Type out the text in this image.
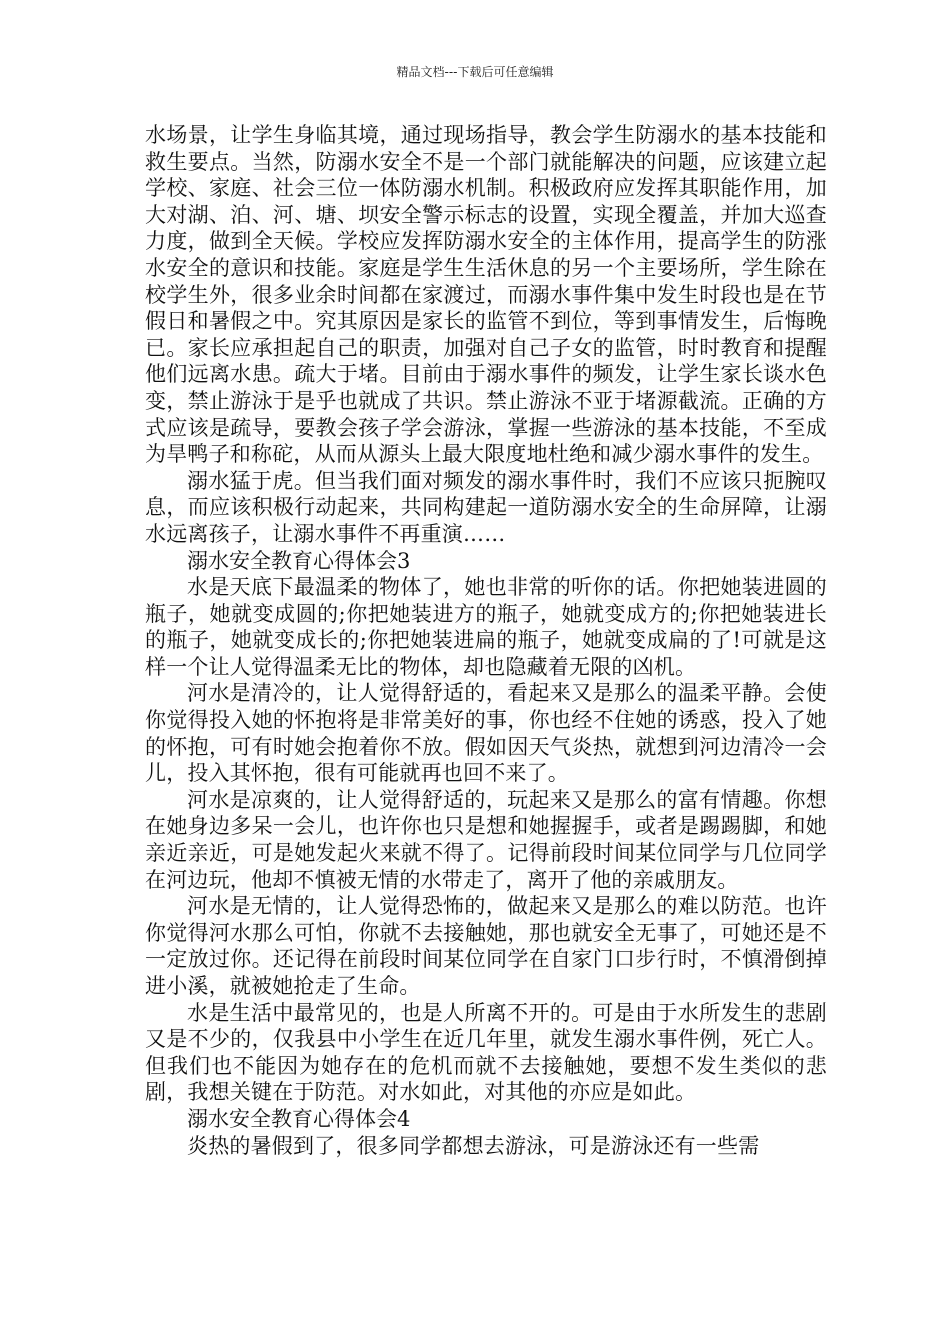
精品文档---下载后可任意编辑

水场景，让学生身临其境，通过现场指导，教会学生防溺水的基本技能和救生要点。当然，防溺水安全不是一个部门就能解决的问题，应该建立起学校、家庭、社会三位一体防溺水机制。积极政府应发挥其职能作用，加大对湖、泊、河、塘、坝安全警示标志的设置，实现全覆盖，并加大巡查力度，做到全天候。学校应发挥防溺水安全的主体作用，提高学生的防涨水安全的意识和技能。家庭是学生生活休息的另一个主要场所，学生除在校学生外，很多业余时间都在家渡过，而溺水事件集中发生时段也是在节假日和暑假之中。究其原因是家长的监管不到位，等到事情发生，后悔晚已。家长应承担起自己的职责，加强对自己子女的监管，时时教育和提醒他们远离水患。疏大于堵。目前由于溺水事件的频发，让学生家长谈水色变，禁止游泳于是乎也就成了共识。禁止游泳不亚于堵源截流。正确的方式应该是疏导，要教会孩子学会游泳，掌握一些游泳的基本技能，不至成为旱鸭子和称砣，从而从源头上最大限度地杜绝和减少溺水事件的发生。

溺水猛于虎。但当我们面对频发的溺水事件时，我们不应该只扼腕叹息，而应该积极行动起来，共同构建起一道防溺水安全的生命屏障，让溺水远离孩子，让溺水事件不再重演……

溺水安全教育心得体会3

水是天底下最温柔的物体了，她也非常的听你的话。你把她装进圆的瓶子，她就变成圆的;你把她装进方的瓶子，她就变成方的;你把她装进长的瓶子，她就变成长的;你把她装进扁的瓶子，她就变成扁的了!可就是这样一个让人觉得温柔无比的物体，却也隐藏着无限的凶机。

河水是清冷的，让人觉得舒适的，看起来又是那么的温柔平静。会使你觉得投入她的怀抱将是非常美好的事，你也经不住她的诱惑，投入了她的怀抱，可有时她会抱着你不放。假如因天气炎热，就想到河边清冷一会儿，投入其怀抱，很有可能就再也回不来了。

河水是凉爽的，让人觉得舒适的，玩起来又是那么的富有情趣。你想在她身边多呆一会儿，也许你也只是想和她握握手，或者是踢踢脚，和她亲近亲近，可是她发起火来就不得了。记得前段时间某位同学与几位同学在河边玩，他却不慎被无情的水带走了，离开了他的亲戚朋友。

河水是无情的，让人觉得恐怖的，做起来又是那么的难以防范。也许你觉得河水那么可怕，你就不去接触她，那也就安全无事了，可她还是不一定放过你。还记得在前段时间某位同学在自家门口步行时，不慎滑倒掉进小溪，就被她抢走了生命。

水是生活中最常见的，也是人所离不开的。可是由于水所发生的悲剧又是不少的，仅我县中小学生在近几年里，就发生溺水事件例，死亡人。但我们也不能因为她存在的危机而就不去接触她，要想不发生类似的悲剧，我想关键在于防范。对水如此，对其他的亦应是如此。

溺水安全教育心得体会4

炎热的暑假到了，很多同学都想去游泳，可是游泳还有一些需
